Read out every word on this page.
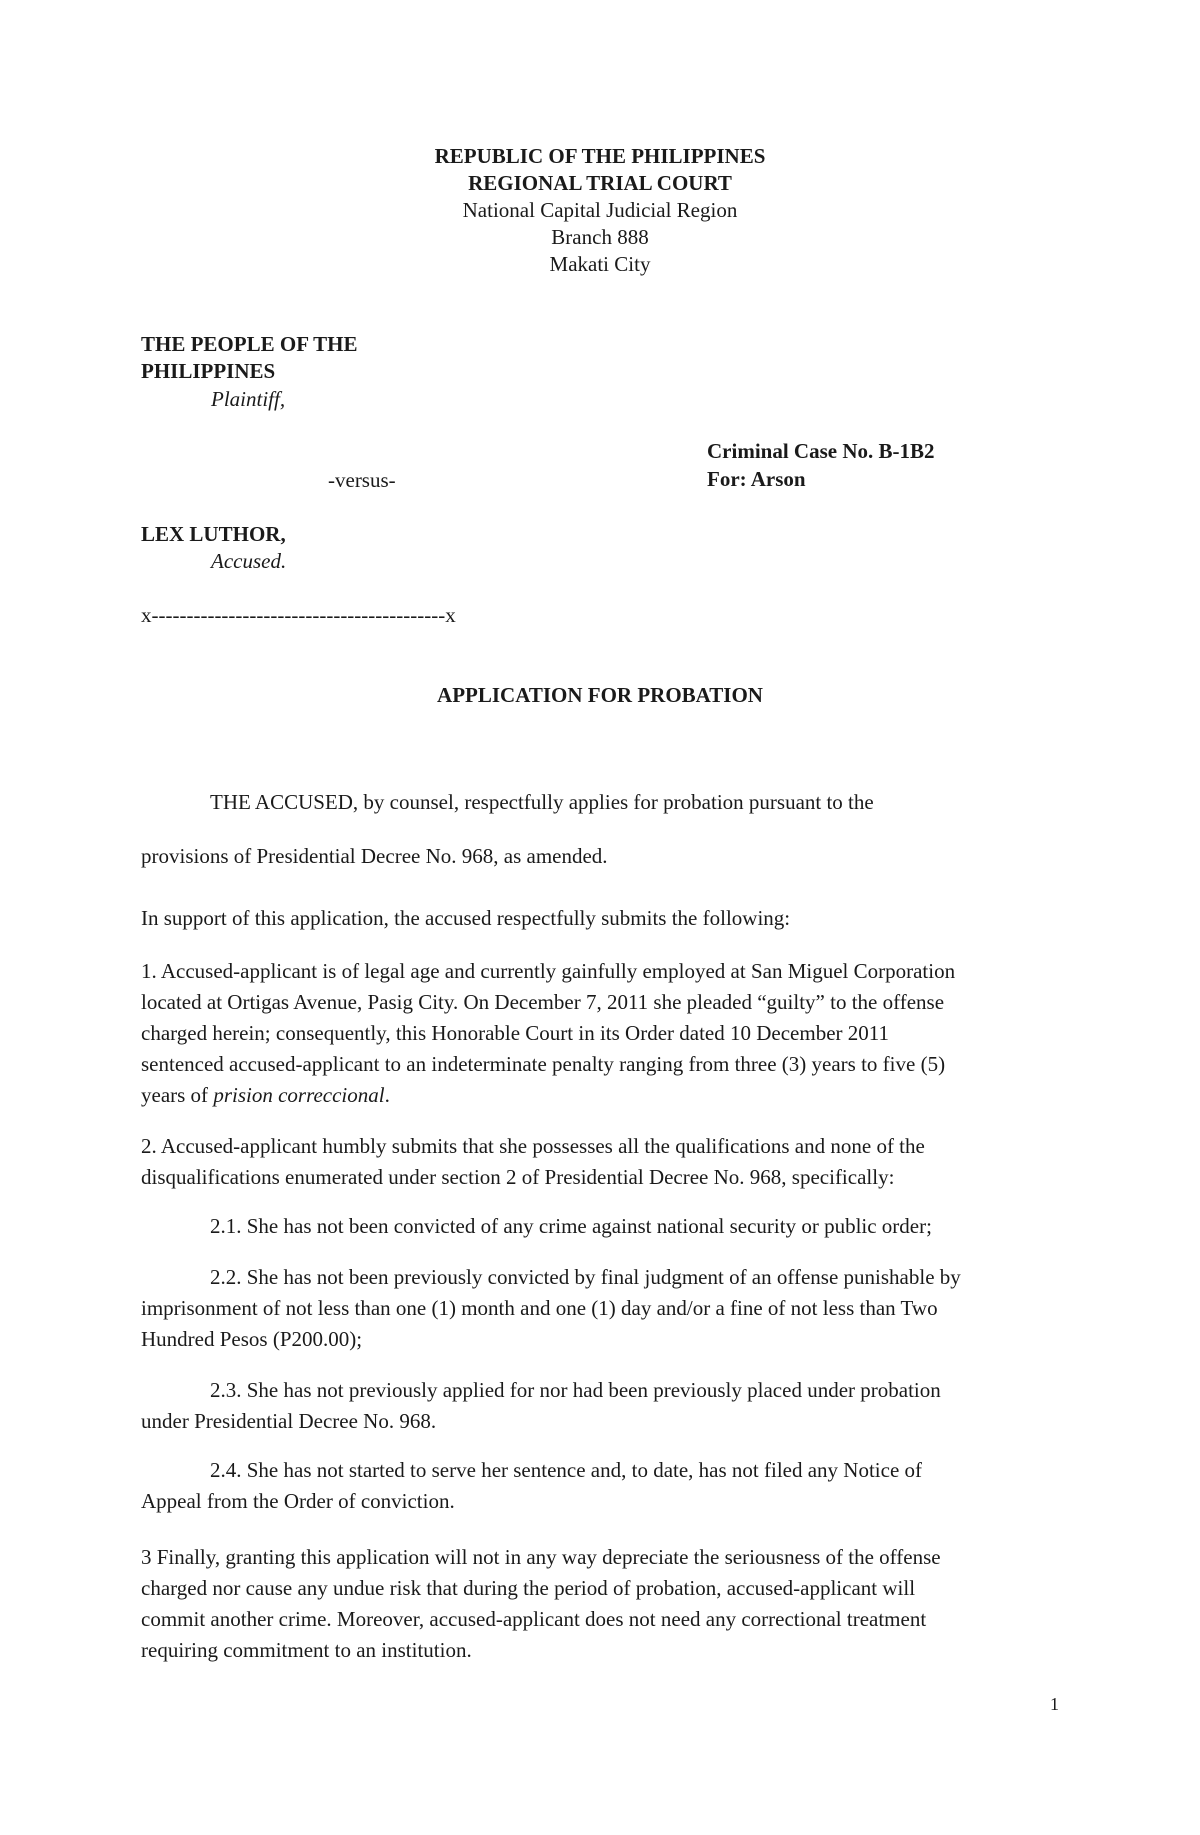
REPUBLIC OF THE PHILIPPINES
REGIONAL TRIAL COURT
National Capital Judicial Region
Branch 888
Makati City
THE PEOPLE OF THE
PHILIPPINES
Plaintiff,
Criminal Case No. B-1B2
-versus-	For: Arson
LEX LUTHOR,
Accused.
x------------------------------------------x
APPLICATION FOR PROBATION
THE ACCUSED, by counsel, respectfully applies for probation pursuant to the
provisions of Presidential Decree No. 968, as amended.
In support of this application, the accused respectfully submits the following:
1. Accused-applicant is of legal age and currently gainfully employed at San Miguel Corporation
located at Ortigas Avenue, Pasig City. On December 7, 2011 she pleaded “guilty” to the offense
charged herein; consequently, this Honorable Court in its Order dated 10 December 2011
sentenced accused-applicant to an indeterminate penalty ranging from three (3) years to five (5)
years of prision correccional.
2. Accused-applicant humbly submits that she possesses all the qualifications and none of the
disqualifications enumerated under section 2 of Presidential Decree No. 968, specifically:
2.1. She has not been convicted of any crime against national security or public order;
2.2. She has not been previously convicted by final judgment of an offense punishable by
imprisonment of not less than one (1) month and one (1) day and/or a fine of not less than Two
Hundred Pesos (P200.00);
2.3. She has not previously applied for nor had been previously placed under probation
under Presidential Decree No. 968.
2.4. She has not started to serve her sentence and, to date, has not filed any Notice of
Appeal from the Order of conviction.
3 Finally, granting this application will not in any way depreciate the seriousness of the offense
charged nor cause any undue risk that during the period of probation, accused-applicant will
commit another crime. Moreover, accused-applicant does not need any correctional treatment
requiring commitment to an institution.
1
